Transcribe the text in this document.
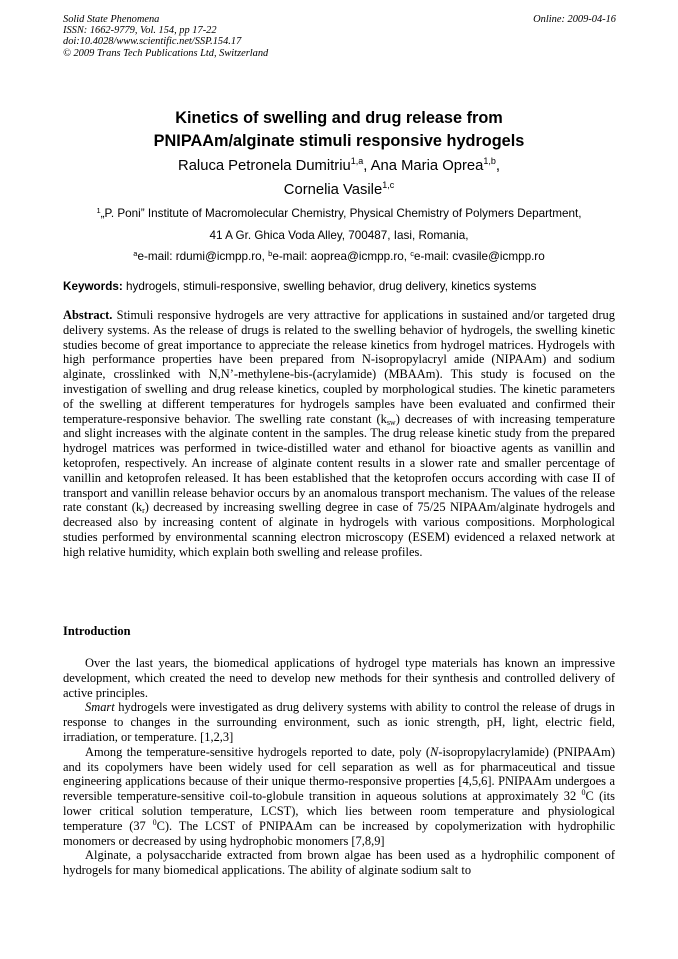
Solid State Phenomena
ISSN: 1662-9779, Vol. 154, pp 17-22
doi:10.4028/www.scientific.net/SSP.154.17
© 2009 Trans Tech Publications Ltd, Switzerland
Online: 2009-04-16
Kinetics of swelling and drug release from
PNIPAAm/alginate stimuli responsive hydrogels
Raluca Petronela Dumitriu$^{1,a}$, Ana Maria Oprea$^{1,b}$,
Cornelia Vasile$^{1,c}$
$^1$„P. Poni” Institute of Macromolecular Chemistry, Physical Chemistry of Polymers Department,
41 A Gr. Ghica Voda Alley, 700487, Iasi, Romania,
$^a$e-mail: rdumi@icmpp.ro, $^b$e-mail: aoprea@icmpp.ro, $^c$e-mail: cvasile@icmpp.ro
Keywords: hydrogels, stimuli-responsive, swelling behavior, drug delivery, kinetics systems

Abstract. Stimuli responsive hydrogels are very attractive for applications in sustained and/or targeted drug delivery systems. As the release of drugs is related to the swelling behavior of hydrogels, the swelling kinetic studies become of great importance to appreciate the release kinetics from hydrogel matrices. Hydrogels with high performance properties have been prepared from N-isopropylacryl amide (NIPAAm) and sodium alginate, crosslinked with N,N’-methylene-bis-(acrylamide) (MBAAm). This study is focused on the investigation of swelling and drug release kinetics, coupled by morphological studies. The kinetic parameters of the swelling at different temperatures for hydrogels samples have been evaluated and confirmed their temperature-responsive behavior. The swelling rate constant $(k_{sw})$ decreases of with increasing temperature and slight increases with the alginate content in the samples. The drug release kinetic study from the prepared hydrogel matrices was performed in twice-distilled water and ethanol for bioactive agents as vanillin and ketoprofen, respectively. An increase of alginate content results in a slower rate and smaller percentage of vanillin and ketoprofen released. It has been established that the ketoprofen occurs according with case II of transport and vanillin release behavior occurs by an anomalous transport mechanism. The values of the release rate constant $(k_r)$ decreased by increasing swelling degree in case of 75/25 NIPAAm/alginate hydrogels and decreased also by increasing content of alginate in hydrogels with various compositions. Morphological studies performed by environmental scanning electron microscopy (ESEM) evidenced a relaxed network at high relative humidity, which explain both swelling and release profiles.

Introduction

Over the last years, the biomedical applications of hydrogel type materials has known an impressive development, which created the need to develop new methods for their synthesis and controlled delivery of active principles.

Smart hydrogels were investigated as drug delivery systems with ability to control the release of drugs in response to changes in the surrounding environment, such as ionic strength, pH, light, electric field, irradiation, or temperature. [1,2,3]

Among the temperature-sensitive hydrogels reported to date, poly (N-isopropylacrylamide) (PNIPAAm) and its copolymers have been widely used for cell separation as well as for pharmaceutical and tissue engineering applications because of their unique thermo-responsive properties [4,5,6]. PNIPAAm undergoes a reversible temperature-sensitive coil-to-globule transition in aqueous solutions at approximately 32 $^0$C (its lower critical solution temperature, LCST), which lies between room temperature and physiological temperature (37 $^0$C). The LCST of PNIPAAm can be increased by copolymerization with hydrophilic monomers or decreased by using hydrophobic monomers [7,8,9]

Alginate, a polysaccharide extracted from brown algae has been used as a hydrophilic component of hydrogels for many biomedical applications. The ability of alginate sodium salt to
